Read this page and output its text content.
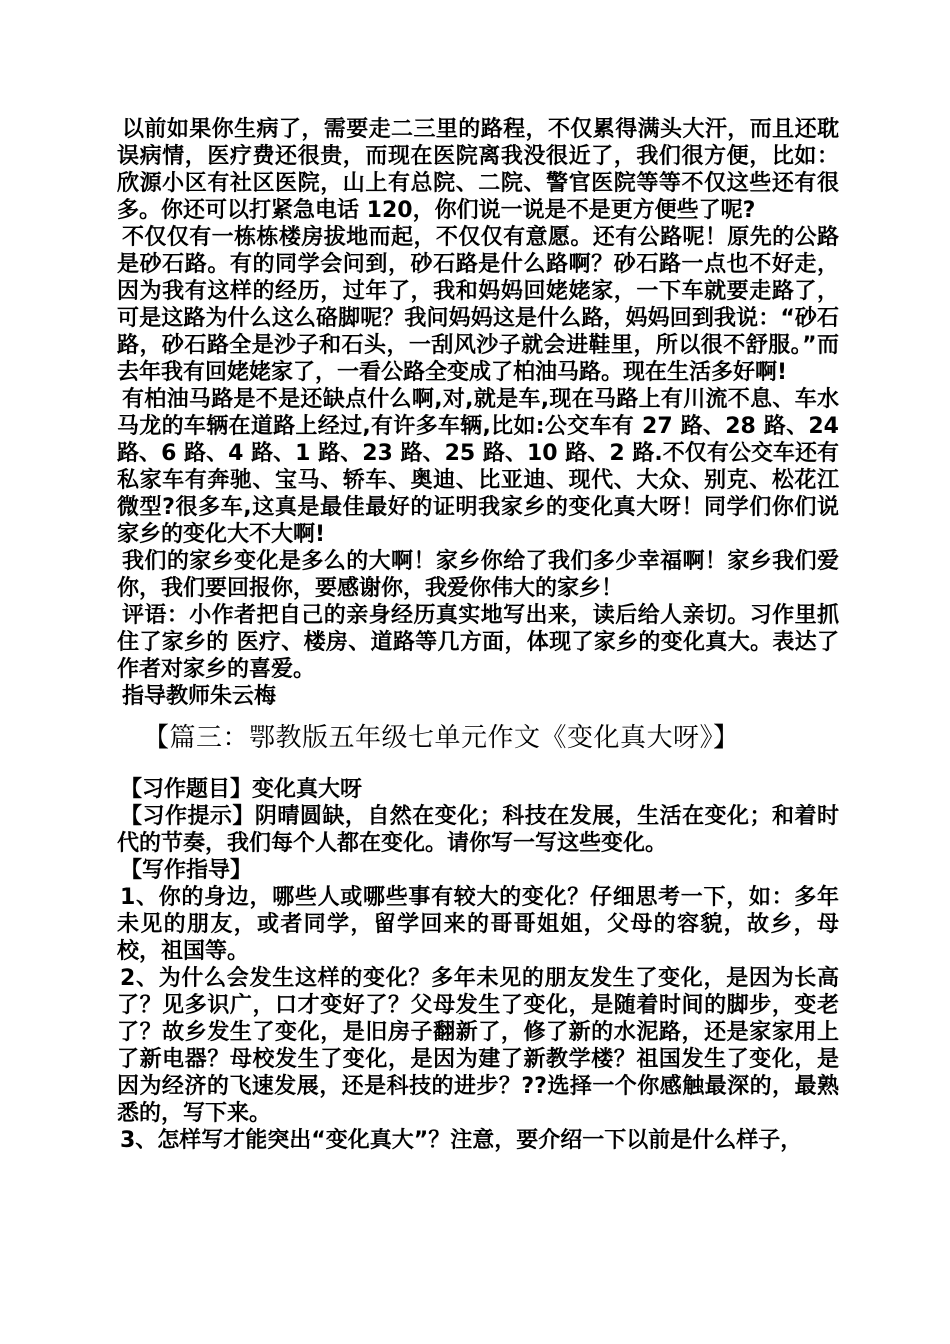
以前如果你生病了，需要走二三里的路程，不仅累得满头大汗，而且还耽误病情，医疗费还很贵，而现在医院离我没很近了，我们很方便，比如：欣源小区有社区医院，山上有总院、二院、警官医院等等不仅这些还有很多。你还可以打紧急电话 120，你们说一说是不是更方便些了呢?

不仅仅有一栋栋楼房拔地而起，不仅仅有意愿。还有公路呢！原先的公路是砂石路。有的同学会问到，砂石路是什么路啊？砂石路一点也不好走，因为我有这样的经历，过年了，我和妈妈回姥姥家，一下车就要走路了，可是这路为什么这么硌脚呢？我问妈妈这是什么路，妈妈回到我说：“砂石路，砂石路全是沙子和石头，一刮风沙子就会进鞋里，所以很不舒服。”而去年我有回姥姥家了，一看公路全变成了柏油马路。现在生活多好啊!

有柏油马路是不是还缺点什么啊,对,就是车,现在马路上有川流不息、车水马龙的车辆在道路上经过,有许多车辆,比如:公交车有 27 路、28 路、24 路、6 路、4 路、1 路、23 路、25 路、10 路、2 路.不仅有公交车还有私家车有奔驰、宝马、轿车、奥迪、比亚迪、现代、大众、别克、松花江微型?很多车,这真是最佳最好的证明我家乡的变化真大呀！同学们你们说家乡的变化大不大啊!

我们的家乡变化是多么的大啊！家乡你给了我们多少幸福啊！家乡我们爱你，我们要回报你，要感谢你，我爱你伟大的家乡！

评语：小作者把自己的亲身经历真实地写出来，读后给人亲切。习作里抓住了家乡的 医疗、楼房、道路等几方面，体现了家乡的变化真大。表达了 作者对家乡的喜爱。

指导教师朱云梅

【篇三：鄂教版五年级七单元作文《变化真大呀》】

【习作题目】变化真大呀

【习作提示】阴晴圆缺，自然在变化；科技在发展，生活在变化；和着时代的节奏，我们每个人都在变化。请你写一写这些变化。

【写作指导】

1、你的身边，哪些人或哪些事有较大的变化？仔细思考一下，如：多年未见的朋友，或者同学，留学回来的哥哥姐姐，父母的容貌，故乡，母校，祖国等。

2、为什么会发生这样的变化？多年未见的朋友发生了变化，是因为长高了？见多识广，口才变好了？父母发生了变化，是随着时间的脚步，变老了？故乡发生了变化，是旧房子翻新了，修了新的水泥路，还是家家用上了新电器？母校发生了变化，是因为建了新教学楼？祖国发生了变化，是因为经济的飞速发展，还是科技的进步？??选择一个你感触最深的，最熟悉的，写下来。

3、怎样写才能突出“变化真大”？注意，要介绍一下以前是什么样子，
